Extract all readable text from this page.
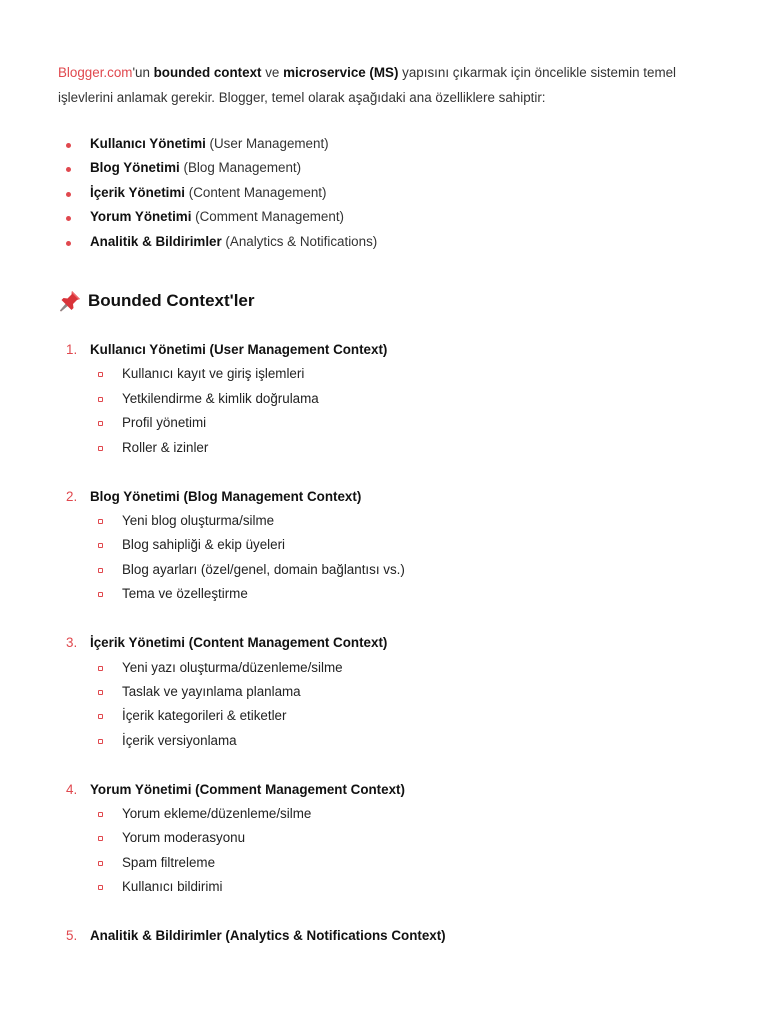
Blogger.com'un bounded context ve microservice (MS) yapısını çıkarmak için öncelikle sistemin temel işlevlerini anlamak gerekir. Blogger, temel olarak aşağıdaki ana özelliklere sahiptir:

Kullanıcı Yönetimi (User Management)
Blog Yönetimi (Blog Management)
İçerik Yönetimi (Content Management)
Yorum Yönetimi (Comment Management)
Analitik & Bildirimler (Analytics & Notifications)
Bounded Context'ler
1. Kullanıcı Yönetimi (User Management Context)
Kullanıcı kayıt ve giriş işlemleri
Yetkilendirme & kimlik doğrulama
Profil yönetimi
Roller & izinler
2. Blog Yönetimi (Blog Management Context)
Yeni blog oluşturma/silme
Blog sahipliği & ekip üyeleri
Blog ayarları (özel/genel, domain bağlantısı vs.)
Tema ve özelleştirme
3. İçerik Yönetimi (Content Management Context)
Yeni yazı oluşturma/düzenleme/silme
Taslak ve yayınlama planlama
İçerik kategorileri & etiketler
İçerik versiyonlama
4. Yorum Yönetimi (Comment Management Context)
Yorum ekleme/düzenleme/silme
Yorum moderasyonu
Spam filtreleme
Kullanıcı bildirimi
5. Analitik & Bildirimler (Analytics & Notifications Context)
